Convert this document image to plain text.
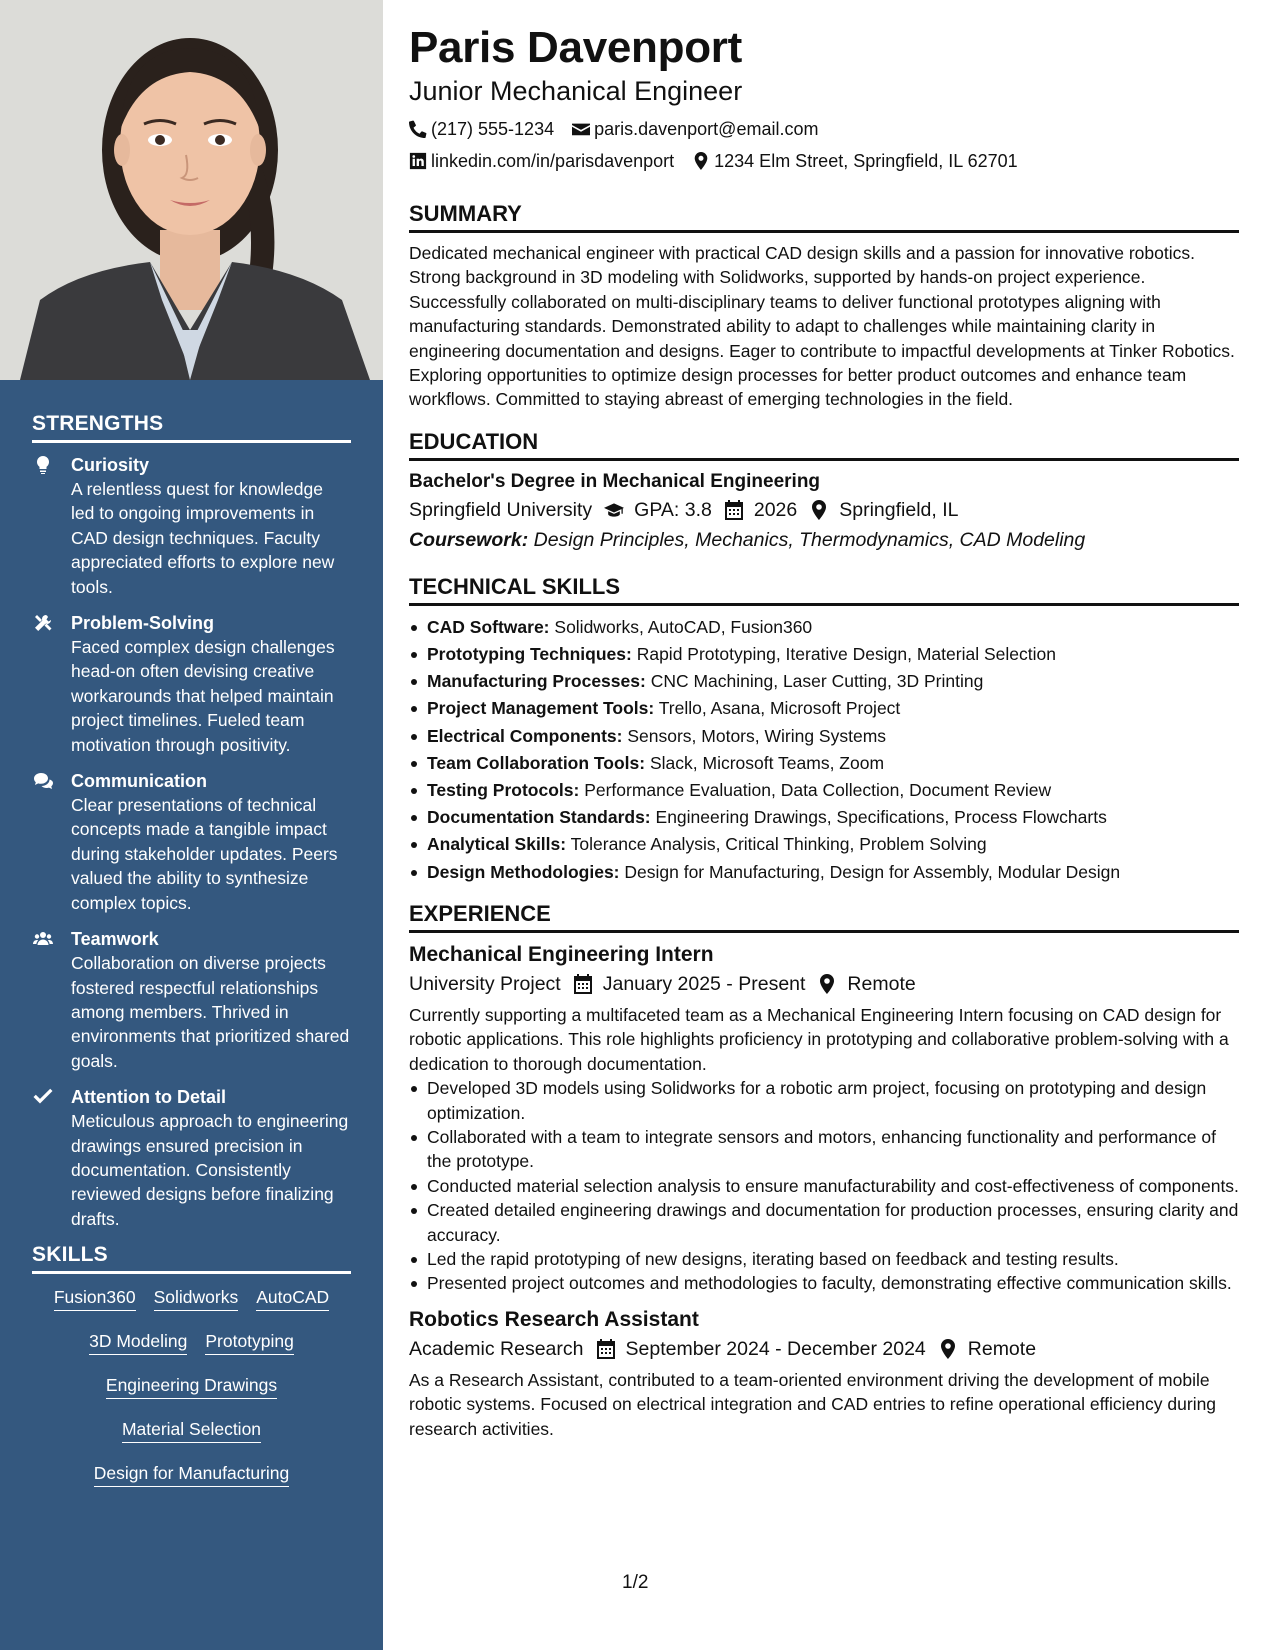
STRENGTHS
Curiosity
A relentless quest for knowledge led to ongoing improvements in CAD design techniques. Faculty appreciated efforts to explore new tools.
Problem-Solving
Faced complex design challenges head-on often devising creative workarounds that helped maintain project timelines. Fueled team motivation through positivity.
Communication
Clear presentations of technical concepts made a tangible impact during stakeholder updates. Peers valued the ability to synthesize complex topics.
Teamwork
Collaboration on diverse projects fostered respectful relationships among members. Thrived in environments that prioritized shared goals.
Attention to Detail
Meticulous approach to engineering drawings ensured precision in documentation. Consistently reviewed designs before finalizing drafts.
SKILLS
Fusion360 Solidworks AutoCAD
3D Modeling Prototyping
Engineering Drawings
Material Selection
Design for Manufacturing
Paris Davenport
Junior Mechanical Engineer
(217) 555-1234 paris.davenport@email.com
linkedin.com/in/parisdavenport 1234 Elm Street, Springfield, IL 62701
SUMMARY
Dedicated mechanical engineer with practical CAD design skills and a passion for innovative robotics. Strong background in 3D modeling with Solidworks, supported by hands-on project experience. Successfully collaborated on multi-disciplinary teams to deliver functional prototypes aligning with manufacturing standards. Demonstrated ability to adapt to challenges while maintaining clarity in engineering documentation and designs. Eager to contribute to impactful developments at Tinker Robotics. Exploring opportunities to optimize design processes for better product outcomes and enhance team workflows. Committed to staying abreast of emerging technologies in the field.
EDUCATION
Bachelor's Degree in Mechanical Engineering
Springfield University GPA: 3.8 2026 Springfield, IL
Coursework: Design Principles, Mechanics, Thermodynamics, CAD Modeling
TECHNICAL SKILLS
CAD Software: Solidworks, AutoCAD, Fusion360
Prototyping Techniques: Rapid Prototyping, Iterative Design, Material Selection
Manufacturing Processes: CNC Machining, Laser Cutting, 3D Printing
Project Management Tools: Trello, Asana, Microsoft Project
Electrical Components: Sensors, Motors, Wiring Systems
Team Collaboration Tools: Slack, Microsoft Teams, Zoom
Testing Protocols: Performance Evaluation, Data Collection, Document Review
Documentation Standards: Engineering Drawings, Specifications, Process Flowcharts
Analytical Skills: Tolerance Analysis, Critical Thinking, Problem Solving
Design Methodologies: Design for Manufacturing, Design for Assembly, Modular Design
EXPERIENCE
Mechanical Engineering Intern
University Project January 2025 - Present Remote
Currently supporting a multifaceted team as a Mechanical Engineering Intern focusing on CAD design for robotic applications. This role highlights proficiency in prototyping and collaborative problem-solving with a dedication to thorough documentation.
Developed 3D models using Solidworks for a robotic arm project, focusing on prototyping and design optimization.
Collaborated with a team to integrate sensors and motors, enhancing functionality and performance of the prototype.
Conducted material selection analysis to ensure manufacturability and cost-effectiveness of components.
Created detailed engineering drawings and documentation for production processes, ensuring clarity and accuracy.
Led the rapid prototyping of new designs, iterating based on feedback and testing results.
Presented project outcomes and methodologies to faculty, demonstrating effective communication skills.
Robotics Research Assistant
Academic Research September 2024 - December 2024 Remote
As a Research Assistant, contributed to a team-oriented environment driving the development of mobile robotic systems. Focused on electrical integration and CAD entries to refine operational efficiency during research activities.
1/2
